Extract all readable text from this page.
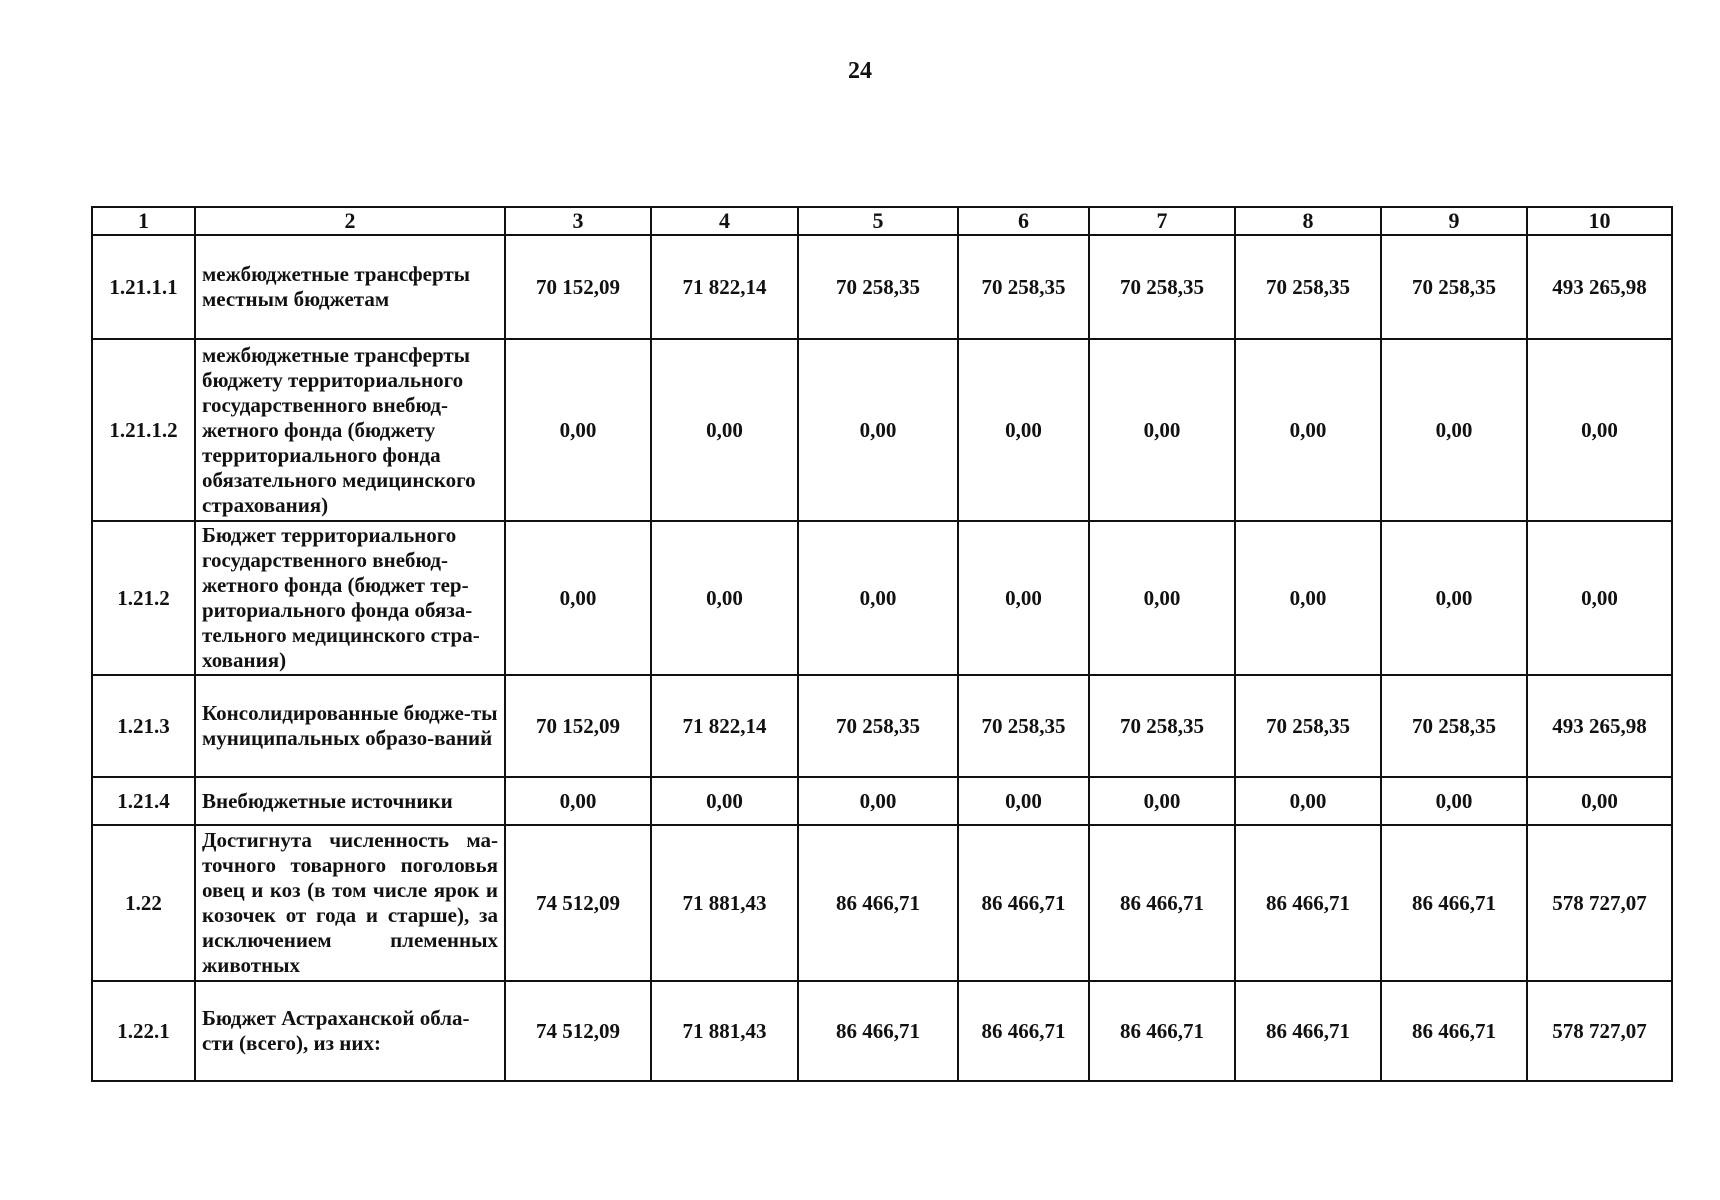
24
1	2	3	4	5	6	7	8	9	10
1.21.1.1	межбюджетные трансферты местным бюджетам	70 152,09	71 822,14	70 258,35	70 258,35	70 258,35	70 258,35	70 258,35	493 265,98
1.21.1.2	межбюджетные трансферты бюджету территориального государственного внебюд-жетного фонда (бюджету территориального фонда обязательного медицинского страхования)	0,00	0,00	0,00	0,00	0,00	0,00	0,00	0,00
1.21.2	Бюджет территориального государственного внебюд-жетного фонда (бюджет тер-риториального фонда обяза-тельного медицинского стра-хования)	0,00	0,00	0,00	0,00	0,00	0,00	0,00	0,00
1.21.3	Консолидированные бюдже-ты муниципальных образо-ваний	70 152,09	71 822,14	70 258,35	70 258,35	70 258,35	70 258,35	70 258,35	493 265,98
1.21.4	Внебюджетные источники	0,00	0,00	0,00	0,00	0,00	0,00	0,00	0,00
1.22	Достигнута численность ма-точного товарного поголовья овец и коз (в том числе ярок и козочек от года и старше), за исключением племенных животных	74 512,09	71 881,43	86 466,71	86 466,71	86 466,71	86 466,71	86 466,71	578 727,07
1.22.1	Бюджет Астраханской обла-сти (всего), из них:	74 512,09	71 881,43	86 466,71	86 466,71	86 466,71	86 466,71	86 466,71	578 727,07
